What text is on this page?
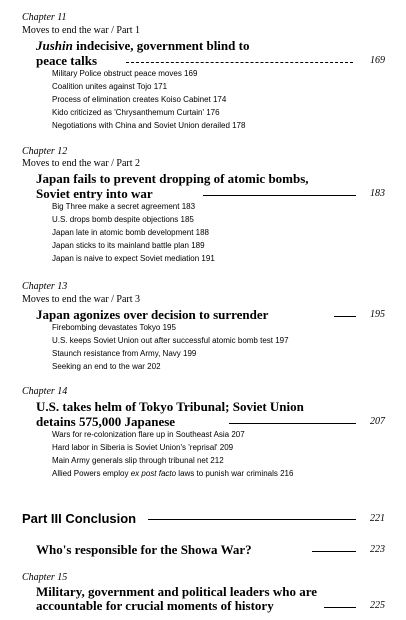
Chapter 11
Moves to end the war / Part 1
Jushin indecisive, government blind to
peace talks	169
Military Police obstruct peace moves 169
Coalition unites against Tojo 171
Process of elimination creates Koiso Cabinet 174
Kido criticized as 'Chrysanthemum Curtain' 176
Negotiations with China and Soviet Union derailed 178
Chapter 12
Moves to end the war / Part 2
Japan fails to prevent dropping of atomic bombs,
Soviet entry into war	183
Big Three make a secret agreement 183
U.S. drops bomb despite objections 185
Japan late in atomic bomb development 188
Japan sticks to its mainland battle plan 189
Japan is naive to expect Soviet mediation 191
Chapter 13
Moves to end the war / Part 3
Japan agonizes over decision to surrender	195
Firebombing devastates Tokyo 195
U.S. keeps Soviet Union out after successful atomic bomb test 197
Staunch resistance from Army, Navy 199
Seeking an end to the war 202
Chapter 14
U.S. takes helm of Tokyo Tribunal; Soviet Union
detains 575,000 Japanese	207
Wars for re-colonization flare up in Southeast Asia 207
Hard labor in Siberia is Soviet Union's 'reprisal' 209
Main Army generals slip through tribunal net 212
Allied Powers employ ex post facto laws to punish war criminals 216
Part III Conclusion	221
Who's responsible for the Showa War?	223
Chapter 15
Military, government and political leaders who are
accountable for crucial moments of history	225
